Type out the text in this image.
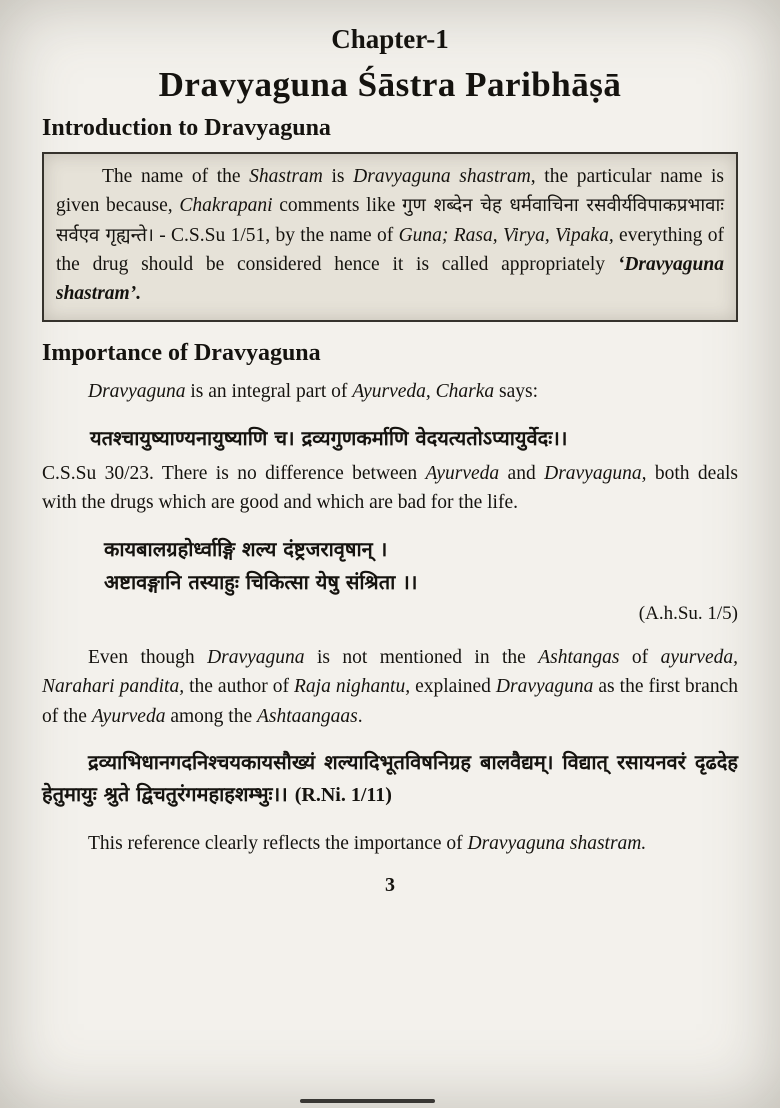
Chapter-1
Dravyaguna Śāstra Paribhāṣā
Introduction to Dravyaguna

The name of the Shastram is Dravyaguna shastram, the particular name is given because, Chakrapani comments like गुण शब्देन चेह धर्मवाचिना रसवीर्यविपाकप्रभावाः सर्वएव गृह्यन्ते। - C.S.Su 1/51, by the name of Guna; Rasa, Virya, Vipaka, everything of the drug should be considered hence it is called appropriately ‘Dravyaguna shastram’.

Importance of Dravyaguna

Dravyaguna is an integral part of Ayurveda, Charka says:

यतश्चायुष्याण्यनायुष्याणि च। द्रव्यगुणकर्माणि वेदयत्यतोऽप्यायुर्वेदः।।

C.S.Su 30/23. There is no difference between Ayurveda and Dravyaguna, both deals with the drugs which are good and which are bad for the life.

कायबालग्रहोर्ध्वाङ्गि शल्य दंष्ट्रजरावृषान् ।
अष्टावङ्गानि तस्याहुः चिकित्सा येषु संश्रिता ।।

(A.h.Su. 1/5)

Even though Dravyaguna is not mentioned in the Ashtangas of ayurveda, Narahari pandita, the author of Raja nighantu, explained Dravyaguna as the first branch of the Ayurveda among the Ashtaangaas.

द्रव्याभिधानगदनिश्चयकायसौख्यं शल्यादिभूतविषनिग्रह बालवैद्यम्। विद्यात् रसायनवरं दृढदेह हेतुमायुः श्रुते द्विचतुरंगमहाहशम्भुः।। (R.Ni. 1/11)

This reference clearly reflects the importance of Dravyaguna shastram.

3
